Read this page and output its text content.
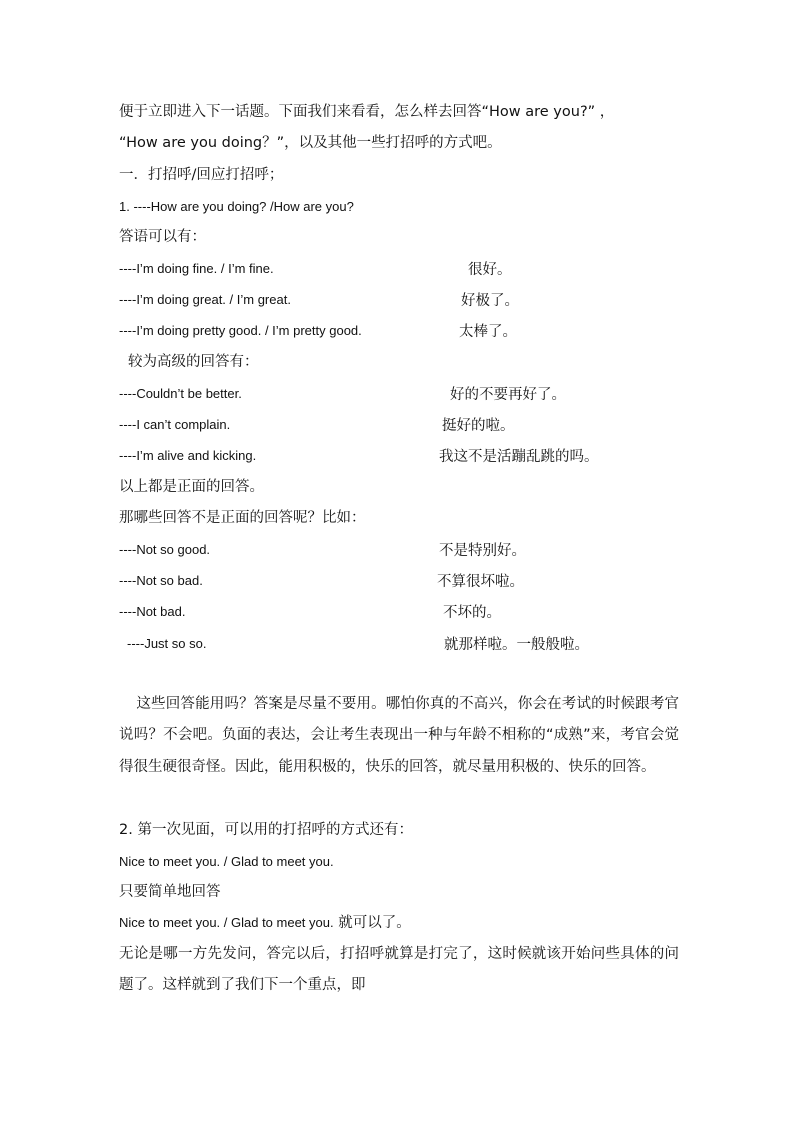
便于立即进入下一话题。下面我们来看看，怎么样去回答“How are you?” ，
“How are you doing？”，以及其他一些打招呼的方式吧。
一．打招呼/回应打招呼；
1. ----How are you doing? /How are you?
答语可以有：
----I’m doing fine. / I’m fine.	很好。
----I’m doing great. / I’m great.	好极了。
----I’m doing pretty good. / I’m pretty good.	太棒了。
较为高级的回答有：
----Couldn’t be better.	好的不要再好了。
----I can’t complain.	挺好的啦。
----I’m alive and kicking.	我这不是活蹦乱跳的吗。
以上都是正面的回答。
那哪些回答不是正面的回答呢？比如：
----Not so good.	不是特别好。
----Not so bad.	不算很坏啦。
----Not bad.	不坏的。
----Just so so.	就那样啦。一般般啦。
这些回答能用吗？答案是尽量不要用。哪怕你真的不高兴，你会在考试的时候跟考官说吗？不会吧。负面的表达，会让考生表现出一种与年龄不相称的“成熟”来，考官会觉得很生硬很奇怪。因此，能用积极的，快乐的回答，就尽量用积极的、快乐的回答。
2. 第一次见面，可以用的打招呼的方式还有：
Nice to meet you. / Glad to meet you.
只要简单地回答
Nice to meet you. / Glad to meet you. 就可以了。
无论是哪一方先发问，答完以后，打招呼就算是打完了，这时候就该开始问些具体的问题了。这样就到了我们下一个重点，即
